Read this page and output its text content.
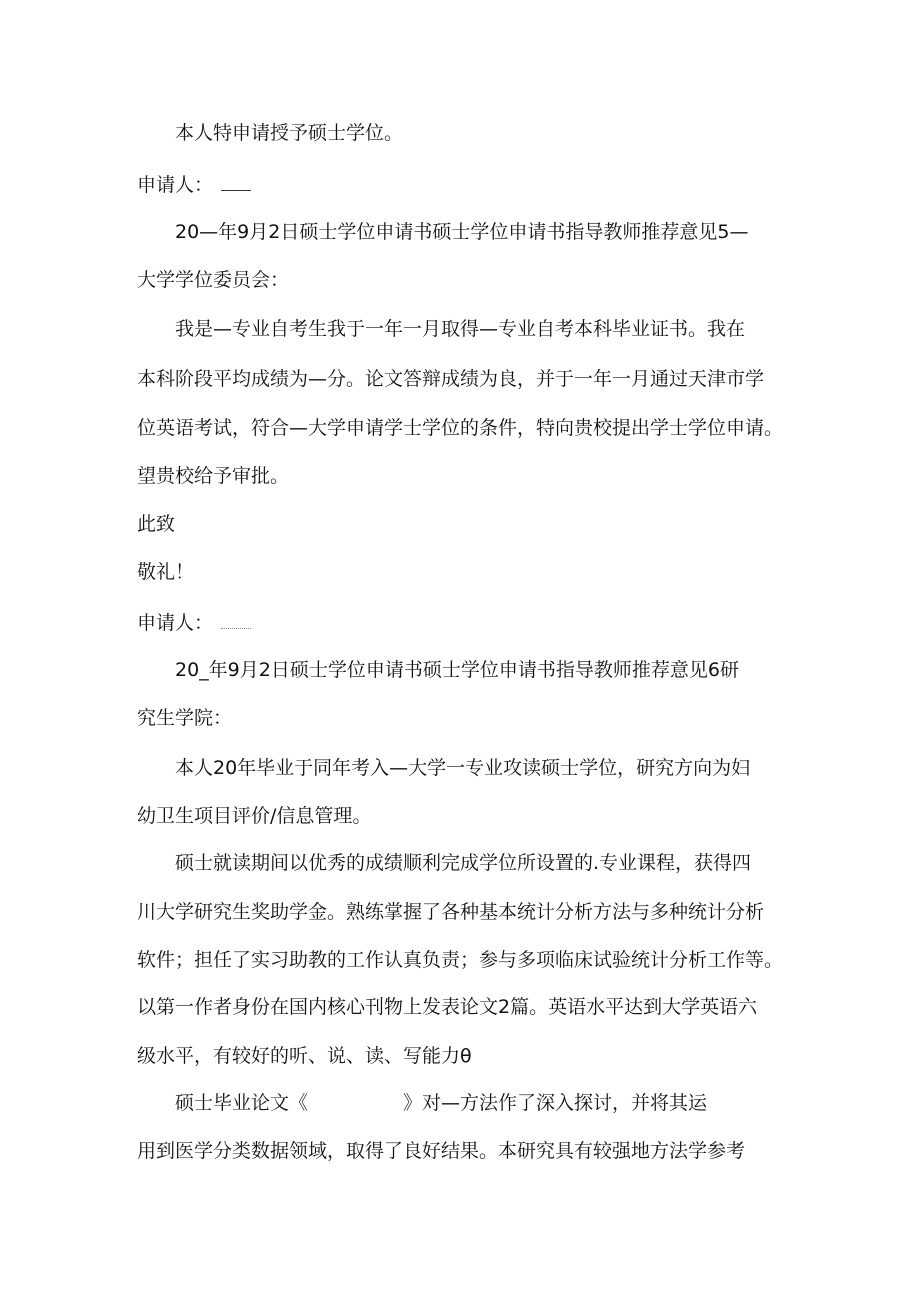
本人特申请授予硕士学位。
申请人：
20—年9月2日硕士学位申请书硕士学位申请书指导教师推荐意见5—
大学学位委员会：
我是—专业自考生我于一年一月取得—专业自考本科毕业证书。我在
本科阶段平均成绩为—分。论文答辩成绩为良，并于一年一月通过天津市学
位英语考试，符合—大学申请学士学位的条件，特向贵校提出学士学位申请。
望贵校给予审批。
此致
敬礼！
申请人：
20_年9月2日硕士学位申请书硕士学位申请书指导教师推荐意见6研
究生学院：
本人20年毕业于同年考入—大学一专业攻读硕士学位，研究方向为妇
幼卫生项目评价/信息管理。
硕士就读期间以优秀的成绩顺利完成学位所设置的.专业课程，获得四
川大学研究生奖助学金。熟练掌握了各种基本统计分析方法与多种统计分析
软件；担任了实习助教的工作认真负责；参与多项临床试验统计分析工作等。
以第一作者身份在国内核心刊物上发表论文2篇。英语水平达到大学英语六
级水平，有较好的听、说、读、写能力θ
硕士毕业论文《　　　　　》对—方法作了深入探讨，并将其运
用到医学分类数据领域，取得了良好结果。本研究具有较强地方法学参考
